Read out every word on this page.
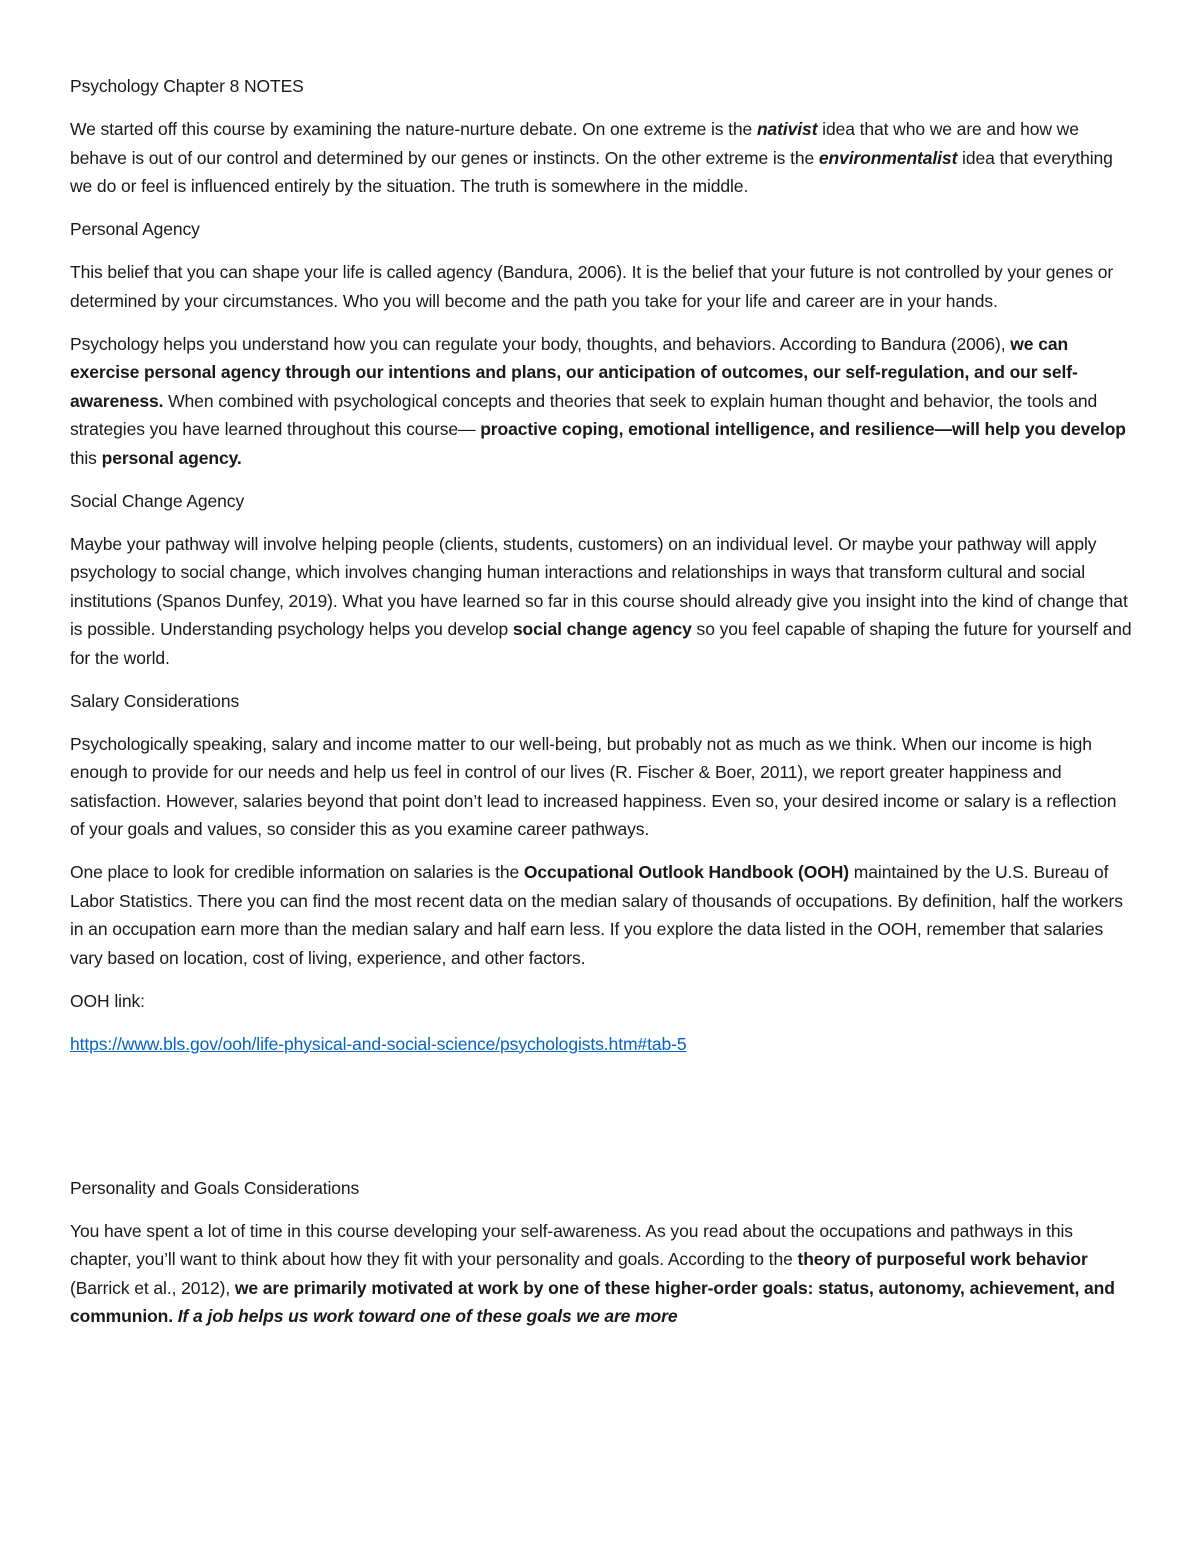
Psychology Chapter 8 NOTES

We started off this course by examining the nature-nurture debate. On one extreme is the nativist idea that who we are and how we behave is out of our control and determined by our genes or instincts. On the other extreme is the environmentalist idea that everything we do or feel is influenced entirely by the situation. The truth is somewhere in the middle.

Personal Agency

This belief that you can shape your life is called agency (Bandura, 2006). It is the belief that your future is not controlled by your genes or determined by your circumstances. Who you will become and the path you take for your life and career are in your hands.

Psychology helps you understand how you can regulate your body, thoughts, and behaviors. According to Bandura (2006), we can exercise personal agency through our intentions and plans, our anticipation of outcomes, our self-regulation, and our self-awareness. When combined with psychological concepts and theories that seek to explain human thought and behavior, the tools and strategies you have learned throughout this course— proactive coping, emotional intelligence, and resilience—will help you develop this personal agency.

Social Change Agency

Maybe your pathway will involve helping people (clients, students, customers) on an individual level. Or maybe your pathway will apply psychology to social change, which involves changing human interactions and relationships in ways that transform cultural and social institutions (Spanos Dunfey, 2019). What you have learned so far in this course should already give you insight into the kind of change that is possible. Understanding psychology helps you develop social change agency so you feel capable of shaping the future for yourself and for the world.

Salary Considerations

Psychologically speaking, salary and income matter to our well-being, but probably not as much as we think. When our income is high enough to provide for our needs and help us feel in control of our lives (R. Fischer & Boer, 2011), we report greater happiness and satisfaction. However, salaries beyond that point don’t lead to increased happiness. Even so, your desired income or salary is a reflection of your goals and values, so consider this as you examine career pathways.

One place to look for credible information on salaries is the Occupational Outlook Handbook (OOH) maintained by the U.S. Bureau of Labor Statistics. There you can find the most recent data on the median salary of thousands of occupations. By definition, half the workers in an occupation earn more than the median salary and half earn less. If you explore the data listed in the OOH, remember that salaries vary based on location, cost of living, experience, and other factors.

OOH link:

https://www.bls.gov/ooh/life-physical-and-social-science/psychologists.htm#tab-5

Personality and Goals Considerations

You have spent a lot of time in this course developing your self-awareness. As you read about the occupations and pathways in this chapter, you’ll want to think about how they fit with your personality and goals. According to the theory of purposeful work behavior (Barrick et al., 2012), we are primarily motivated at work by one of these higher-order goals: status, autonomy, achievement, and communion. If a job helps us work toward one of these goals we are more
